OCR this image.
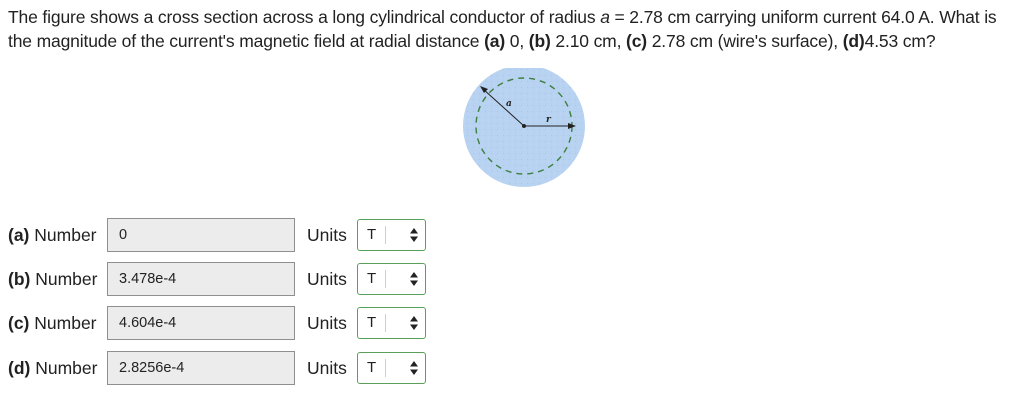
The figure shows a cross section across a long cylindrical conductor of radius a = 2.78 cm carrying uniform current 64.0 A. What is the magnitude of the current's magnetic field at radial distance (a) 0, (b) 2.10 cm, (c) 2.78 cm (wire's surface), (d)4.53 cm?
a
r
(a) Number
0	Units T
(b) Number
3.478e-4	Units T
(c) Number
4.604e-4	Units T
(d) Number
2.8256e-4	Units T
